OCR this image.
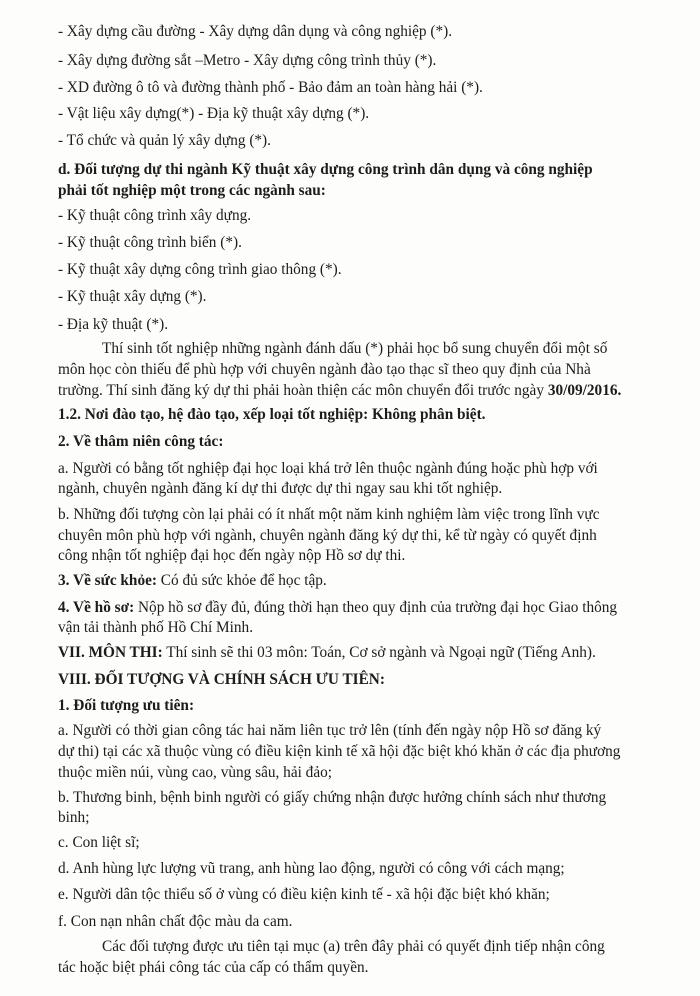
- Xây dựng cầu đường - Xây dựng dân dụng và công nghiệp (*).
- Xây dựng đường sắt –Metro - Xây dựng công trình thủy (*).
- XD đường ô tô và đường thành phố - Bảo đảm an toàn hàng hải (*).
- Vật liệu xây dựng(*) - Địa kỹ thuật xây dựng (*).
- Tổ chức và quản lý xây dựng (*).
d. Đối tượng dự thi ngành Kỹ thuật xây dựng công trình dân dụng và công nghiệp
phải tốt nghiệp một trong các ngành sau:
- Kỹ thuật công trình xây dựng.
- Kỹ thuật công trình biển (*).
- Kỹ thuật xây dựng công trình giao thông (*).
- Kỹ thuật xây dựng (*).
- Địa kỹ thuật (*).
Thí sinh tốt nghiệp những ngành đánh dấu (*) phải học bổ sung chuyển đổi một số
môn học còn thiếu để phù hợp với chuyên ngành đào tạo thạc sĩ theo quy định của Nhà
trường. Thí sinh đăng ký dự thi phải hoàn thiện các môn chuyển đổi trước ngày 30/09/2016.
1.2. Nơi đào tạo, hệ đào tạo, xếp loại tốt nghiệp: Không phân biệt.
2. Về thâm niên công tác:
a. Người có bằng tốt nghiệp đại học loại khá trở lên thuộc ngành đúng hoặc phù hợp với
ngành, chuyên ngành đăng kí dự thi được dự thi ngay sau khi tốt nghiệp.
b. Những đối tượng còn lại phải có ít nhất một năm kinh nghiệm làm việc trong lĩnh vực
chuyên môn phù hợp với ngành, chuyên ngành đăng ký dự thi, kể từ ngày có quyết định
công nhận tốt nghiệp đại học đến ngày nộp Hồ sơ dự thi.
3. Về sức khỏe: Có đủ sức khỏe để học tập.
4. Về hồ sơ: Nộp hồ sơ đầy đủ, đúng thời hạn theo quy định của trường đại học Giao thông
vận tải thành phố Hồ Chí Minh.
VII. MÔN THI: Thí sinh sẽ thi 03 môn: Toán, Cơ sở ngành và Ngoại ngữ (Tiếng Anh).
VIII. ĐỐI TƯỢNG VÀ CHÍNH SÁCH ƯU TIÊN:
1. Đối tượng ưu tiên:
a. Người có thời gian công tác hai năm liên tục trở lên (tính đến ngày nộp Hồ sơ đăng ký
dự thi) tại các xã thuộc vùng có điều kiện kinh tế xã hội đặc biệt khó khăn ở các địa phương
thuộc miền núi, vùng cao, vùng sâu, hải đảo;
b. Thương binh, bệnh binh người có giấy chứng nhận được hưởng chính sách như thương
binh;
c. Con liệt sĩ;
d. Anh hùng lực lượng vũ trang, anh hùng lao động, người có công với cách mạng;
e. Người dân tộc thiểu số ở vùng có điều kiện kinh tế - xã hội đặc biệt khó khăn;
f. Con nạn nhân chất độc màu da cam.
Các đối tượng được ưu tiên tại mục (a) trên đây phải có quyết định tiếp nhận công
tác hoặc biệt phái công tác của cấp có thẩm quyền.
